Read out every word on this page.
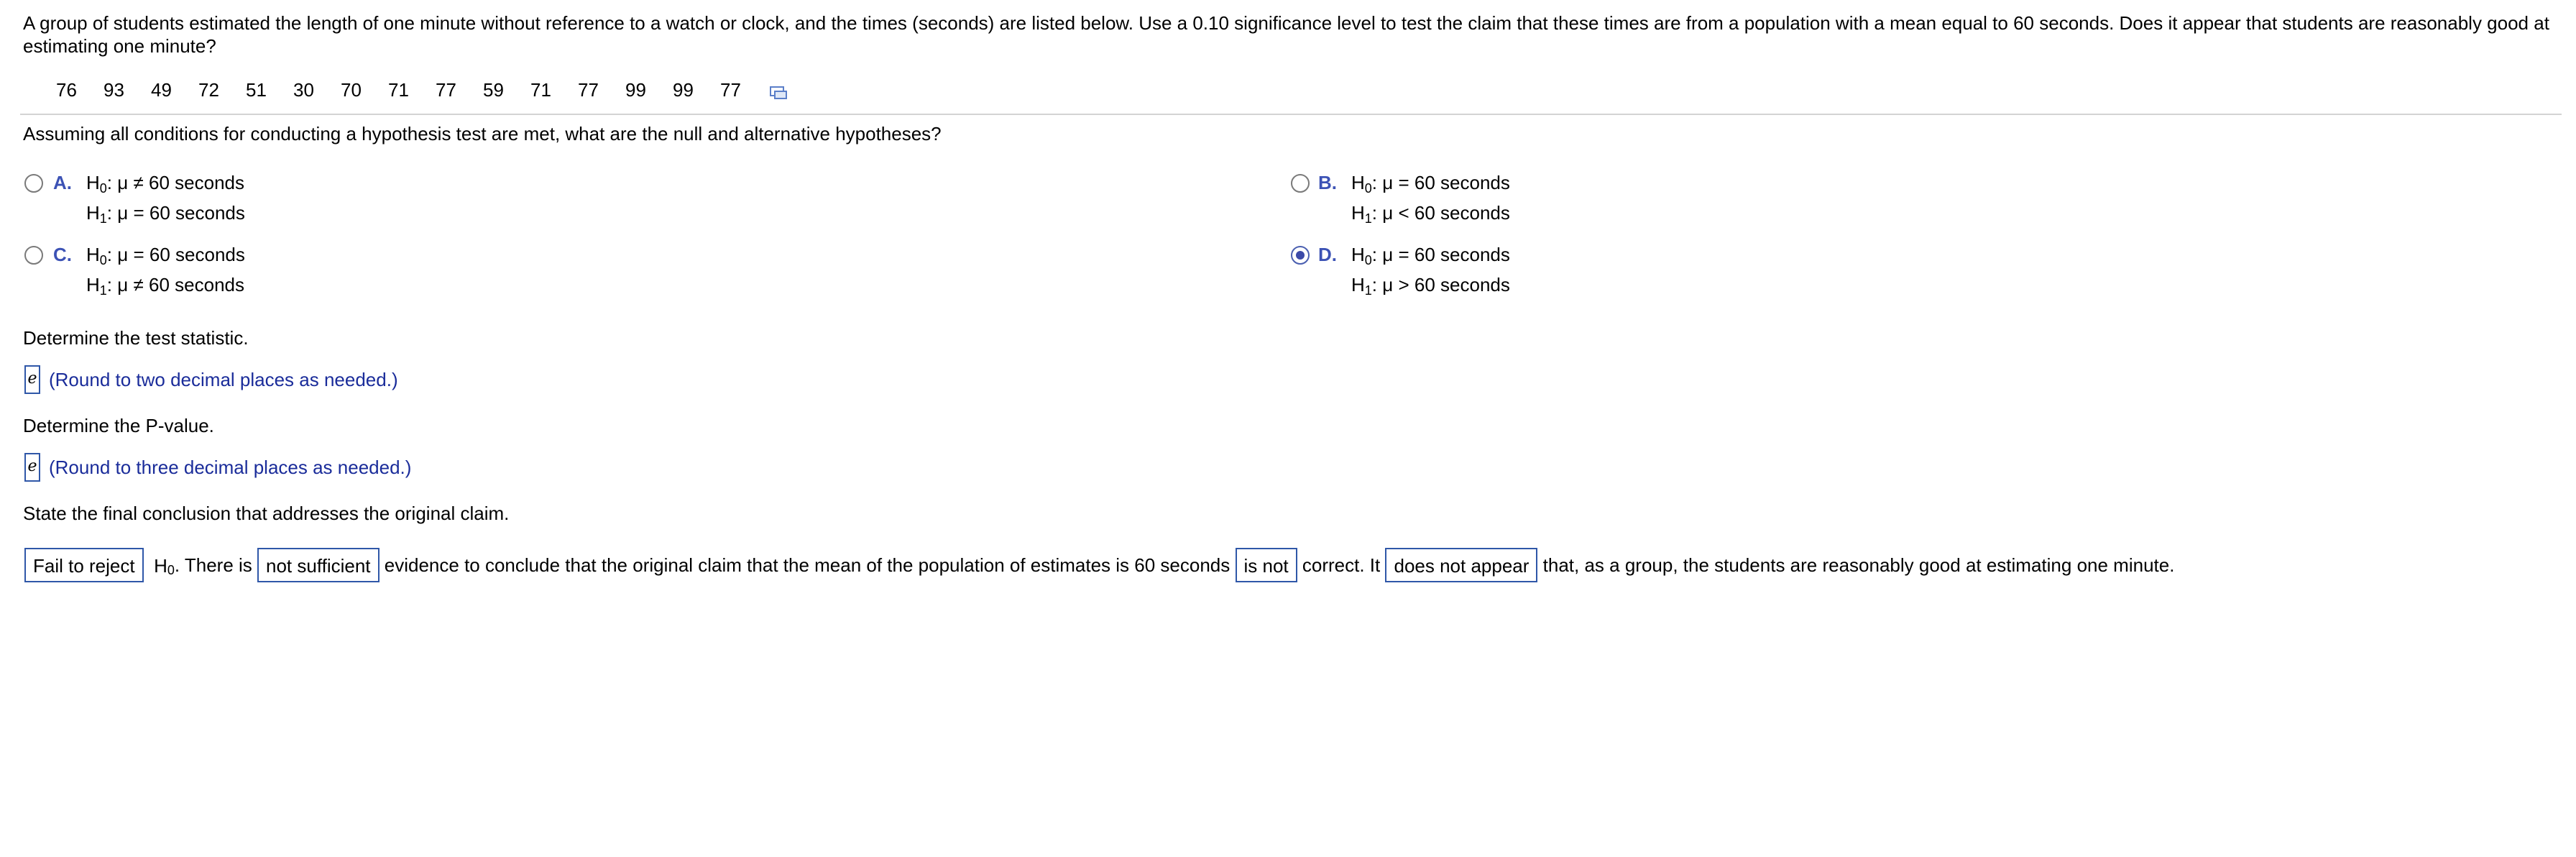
A group of students estimated the length of one minute without reference to a watch or clock, and the times (seconds) are listed below. Use a 0.10 significance level to test the claim that these times are from a population with a mean equal to 60 seconds. Does it appear that students are reasonably good at
estimating one minute?
76 93 49 72 51 30 70 71 77 59 71 77 99 99 77
Assuming all conditions for conducting a hypothesis test are met, what are the null and alternative hypotheses?
A. $H_0$: μ ≠ 60 seconds
$H_1$: μ = 60 seconds
B. $H_0$: μ = 60 seconds
$H_1$: μ < 60 seconds
C. $H_0$: μ = 60 seconds
$H_1$: μ ≠ 60 seconds
D. $H_0$: μ = 60 seconds
$H_1$: μ > 60 seconds
Determine the test statistic.
e (Round to two decimal places as needed.)
Determine the P-value.
e (Round to three decimal places as needed.)
State the final conclusion that addresses the original claim.
Fail to reject $H_0$. There is not sufficient evidence to conclude that the original claim that the mean of the population of estimates is 60 seconds is not correct. It does not appear that, as a group, the students are reasonably good at estimating one minute.
